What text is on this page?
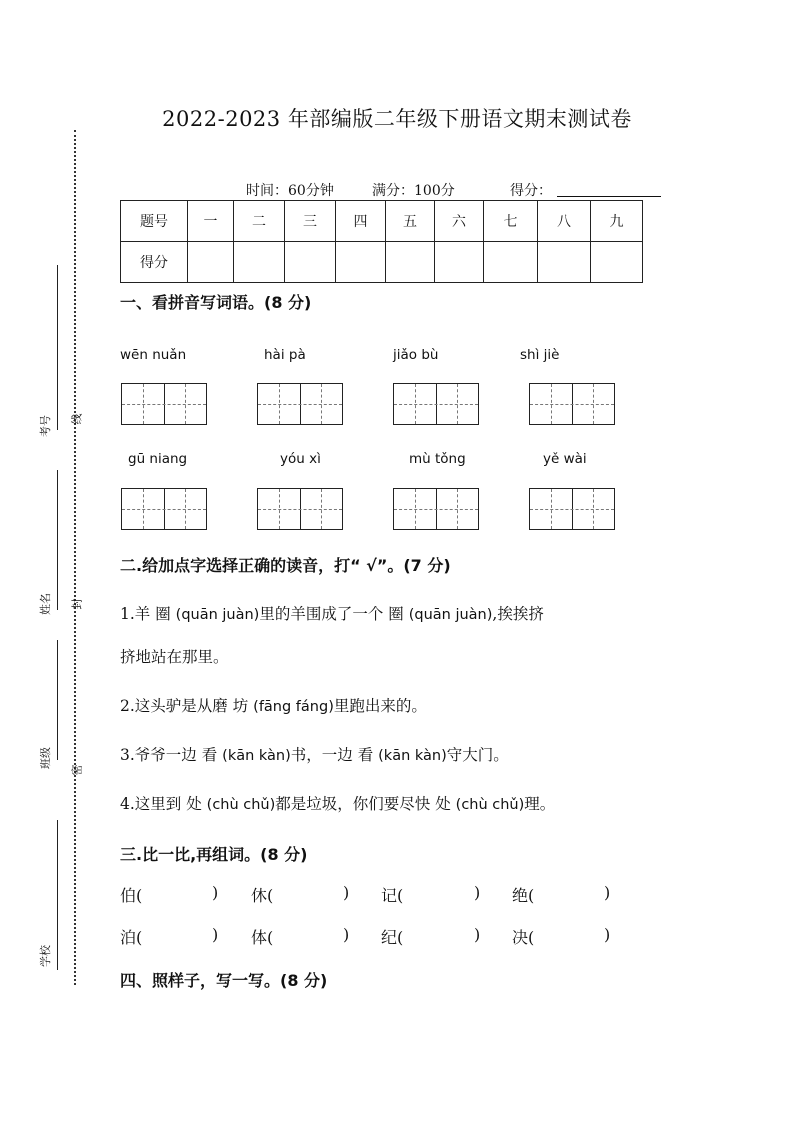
考号 线
姓名 封
班级
密
学校
2022-2023 年部编版二年级下册语文期末测试卷
时间：60分钟	满分：100分	得分：
题号	一	二	三	四	五	六	七	八	九
得分									
一、看拼音写词语。(8 分)
wēn nuǎn	hài pà	jiǎo bù	shì jiè
gū niang	yóu xì	mù tǒng	yě wài
二.给加点字选择正确的读音，打“ √”。(7 分)
1.羊 圈 (quān juàn)里的羊围成了一个 圈 (quān juàn),挨挨挤
挤地站在那里。
2.这头驴是从磨 坊 (fāng fáng)里跑出来的。
3.爷爷一边 看 (kān kàn)书，一边 看 (kān kàn)守大门。
4.这里到 处 (chù chǔ)都是垃圾，你们要尽快 处 (chù chǔ)理。
三.比一比,再组词。(8 分)
伯(	) 休(	) 记(	) 绝(	)
泊(	) 体(	) 纪(	) 决(	)
四、照样子，写一写。(8 分)
